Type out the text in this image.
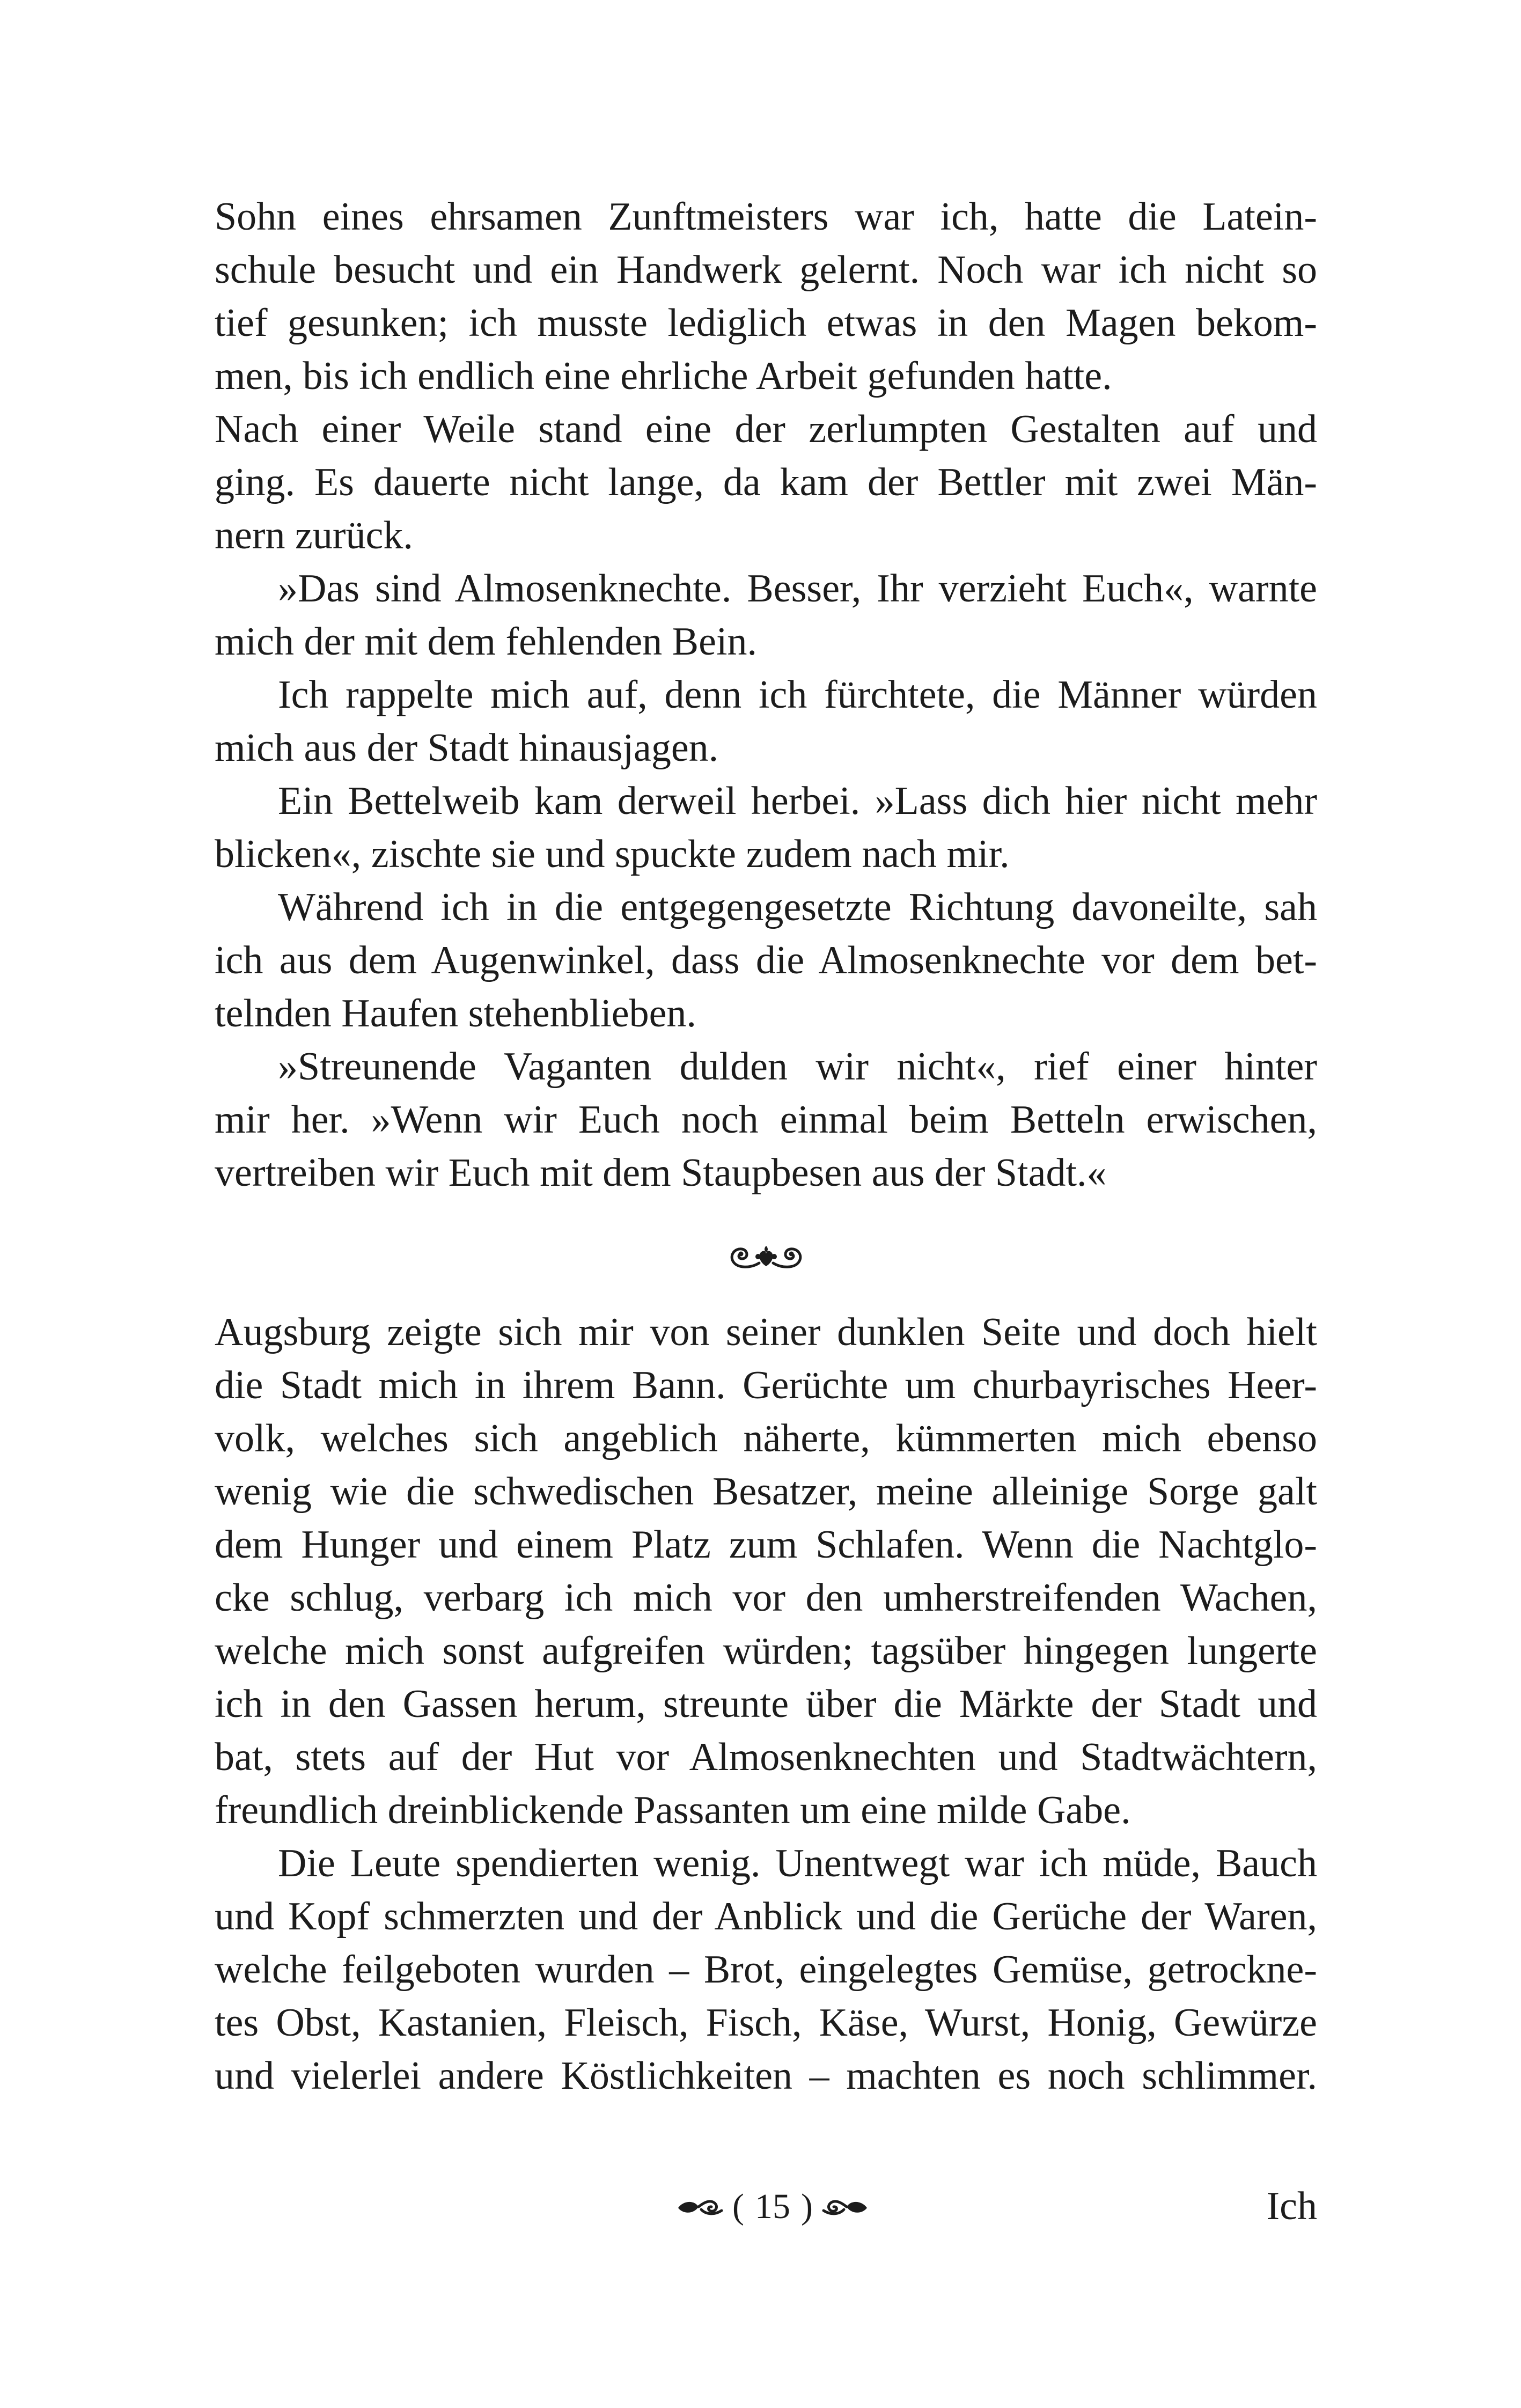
Sohn eines ehrsamen Zunftmeisters war ich, hatte die Latein-
schule besucht und ein Handwerk gelernt. Noch war ich nicht so
tief gesunken; ich musste lediglich etwas in den Magen bekom-
men, bis ich endlich eine ehrliche Arbeit gefunden hatte.
Nach einer Weile stand eine der zerlumpten Gestalten auf und
ging. Es dauerte nicht lange, da kam der Bettler mit zwei Män-
nern zurück.
»Das sind Almosenknechte. Besser, Ihr verzieht Euch«, warnte
mich der mit dem fehlenden Bein.
Ich rappelte mich auf, denn ich fürchtete, die Männer würden
mich aus der Stadt hinausjagen.
Ein Bettelweib kam derweil herbei. »Lass dich hier nicht mehr
blicken«, zischte sie und spuckte zudem nach mir.
Während ich in die entgegengesetzte Richtung davoneilte, sah
ich aus dem Augenwinkel, dass die Almosenknechte vor dem bet-
telnden Haufen stehenblieben.
»Streunende Vaganten dulden wir nicht«, rief einer hinter
mir her. »Wenn wir Euch noch einmal beim Betteln erwischen,
vertreiben wir Euch mit dem Staupbesen aus der Stadt.«
Augsburg zeigte sich mir von seiner dunklen Seite und doch hielt
die Stadt mich in ihrem Bann. Gerüchte um churbayrisches Heer-
volk, welches sich angeblich näherte, kümmerten mich ebenso
wenig wie die schwedischen Besatzer, meine alleinige Sorge galt
dem Hunger und einem Platz zum Schlafen. Wenn die Nachtglo-
cke schlug, verbarg ich mich vor den umherstreifenden Wachen,
welche mich sonst aufgreifen würden; tagsüber hingegen lungerte
ich in den Gassen herum, streunte über die Märkte der Stadt und
bat, stets auf der Hut vor Almosenknechten und Stadtwächtern,
freundlich dreinblickende Passanten um eine milde Gabe.
Die Leute spendierten wenig. Unentwegt war ich müde, Bauch
und Kopf schmerzten und der Anblick und die Gerüche der Waren,
welche feilgeboten wurden – Brot, eingelegtes Gemüse, getrockne-
tes Obst, Kastanien, Fleisch, Fisch, Käse, Wurst, Honig, Gewürze
und vielerlei andere Köstlichkeiten – machten es noch schlimmer.
( 15 )	Ich
